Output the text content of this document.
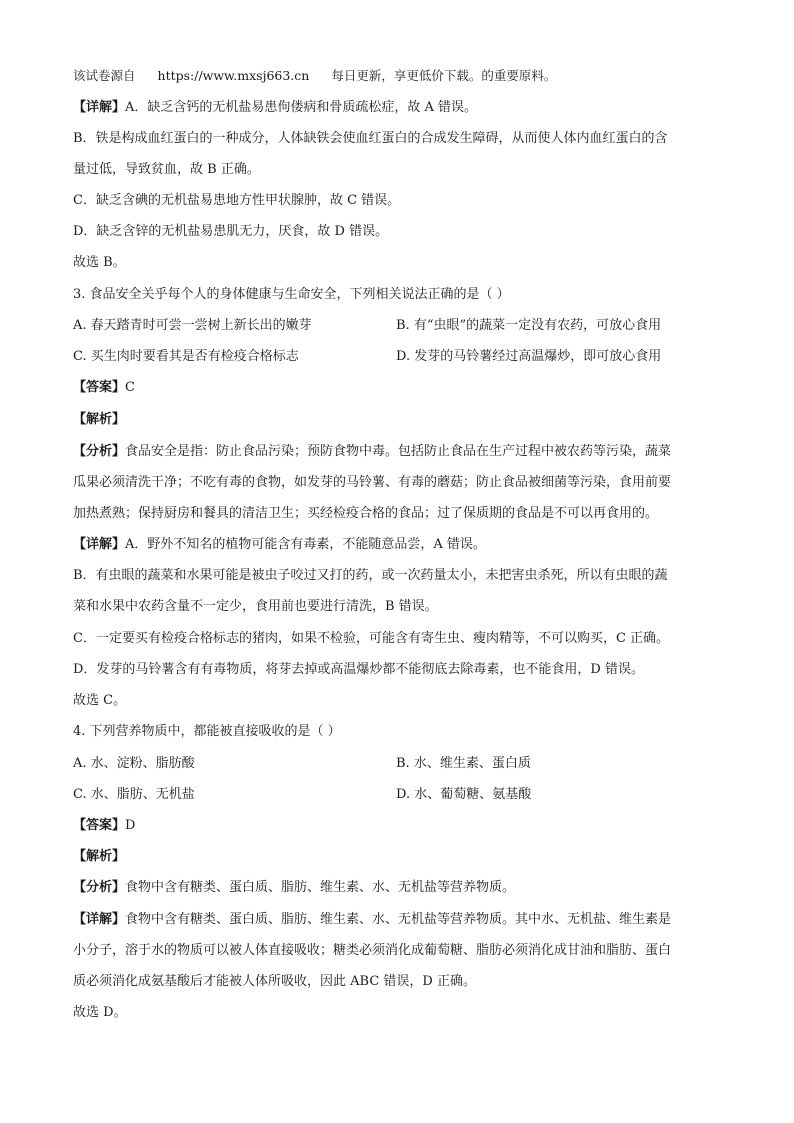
该试卷源自 https://www.mxsj663.cn 每日更新，享更低价下载。的重要原料。
【详解】A．缺乏含钙的无机盐易患佝偻病和骨质疏松症，故 A 错误。
B．铁是构成血红蛋白的一种成分，人体缺铁会使血红蛋白的合成发生障碍，从而使人体内血红蛋白的含
量过低，导致贫血，故 B 正确。
C．缺乏含碘的无机盐易患地方性甲状腺肿，故 C 错误。
D．缺乏含锌的无机盐易患肌无力，厌食，故 D 错误。
故选 B。
3. 食品安全关乎每个人的身体健康与生命安全，下列相关说法正确的是（ ）
A. 春天踏青时可尝一尝树上新长出的嫩芽	B. 有“虫眼”的蔬菜一定没有农药，可放心食用
C. 买生肉时要看其是否有检疫合格标志	D. 发芽的马铃薯经过高温爆炒，即可放心食用
【答案】C
【解析】
【分析】食品安全是指：防止食品污染；预防食物中毒。包括防止食品在生产过程中被农药等污染，蔬菜
瓜果必须清洗干净；不吃有毒的食物，如发芽的马铃薯、有毒的蘑菇；防止食品被细菌等污染，食用前要
加热煮熟；保持厨房和餐具的清洁卫生；买经检疫合格的食品；过了保质期的食品是不可以再食用的。
【详解】A．野外不知名的植物可能含有毒素，不能随意品尝，A 错误。
B．有虫眼的蔬菜和水果可能是被虫子咬过又打的药，或一次药量太小，未把害虫杀死，所以有虫眼的蔬
菜和水果中农药含量不一定少，食用前也要进行清洗，B 错误。
C．一定要买有检疫合格标志的猪肉，如果不检验，可能含有寄生虫、瘦肉精等，不可以购买，C 正确。
D．发芽的马铃薯含有有毒物质，将芽去掉或高温爆炒都不能彻底去除毒素，也不能食用，D 错误。
故选 C。
4. 下列营养物质中，都能被直接吸收的是（ ）
A. 水、淀粉、脂肪酸	B. 水、维生素、蛋白质
C. 水、脂肪、无机盐	D. 水、葡萄糖、氨基酸
【答案】D
【解析】
【分析】食物中含有糖类、蛋白质、脂肪、维生素、水、无机盐等营养物质。
【详解】食物中含有糖类、蛋白质、脂肪、维生素、水、无机盐等营养物质。其中水、无机盐、维生素是
小分子，溶于水的物质可以被人体直接吸收；糖类必须消化成葡萄糖、脂肪必须消化成甘油和脂肪、蛋白
质必须消化成氨基酸后才能被人体所吸收，因此 ABC 错误，D 正确。
故选 D。
